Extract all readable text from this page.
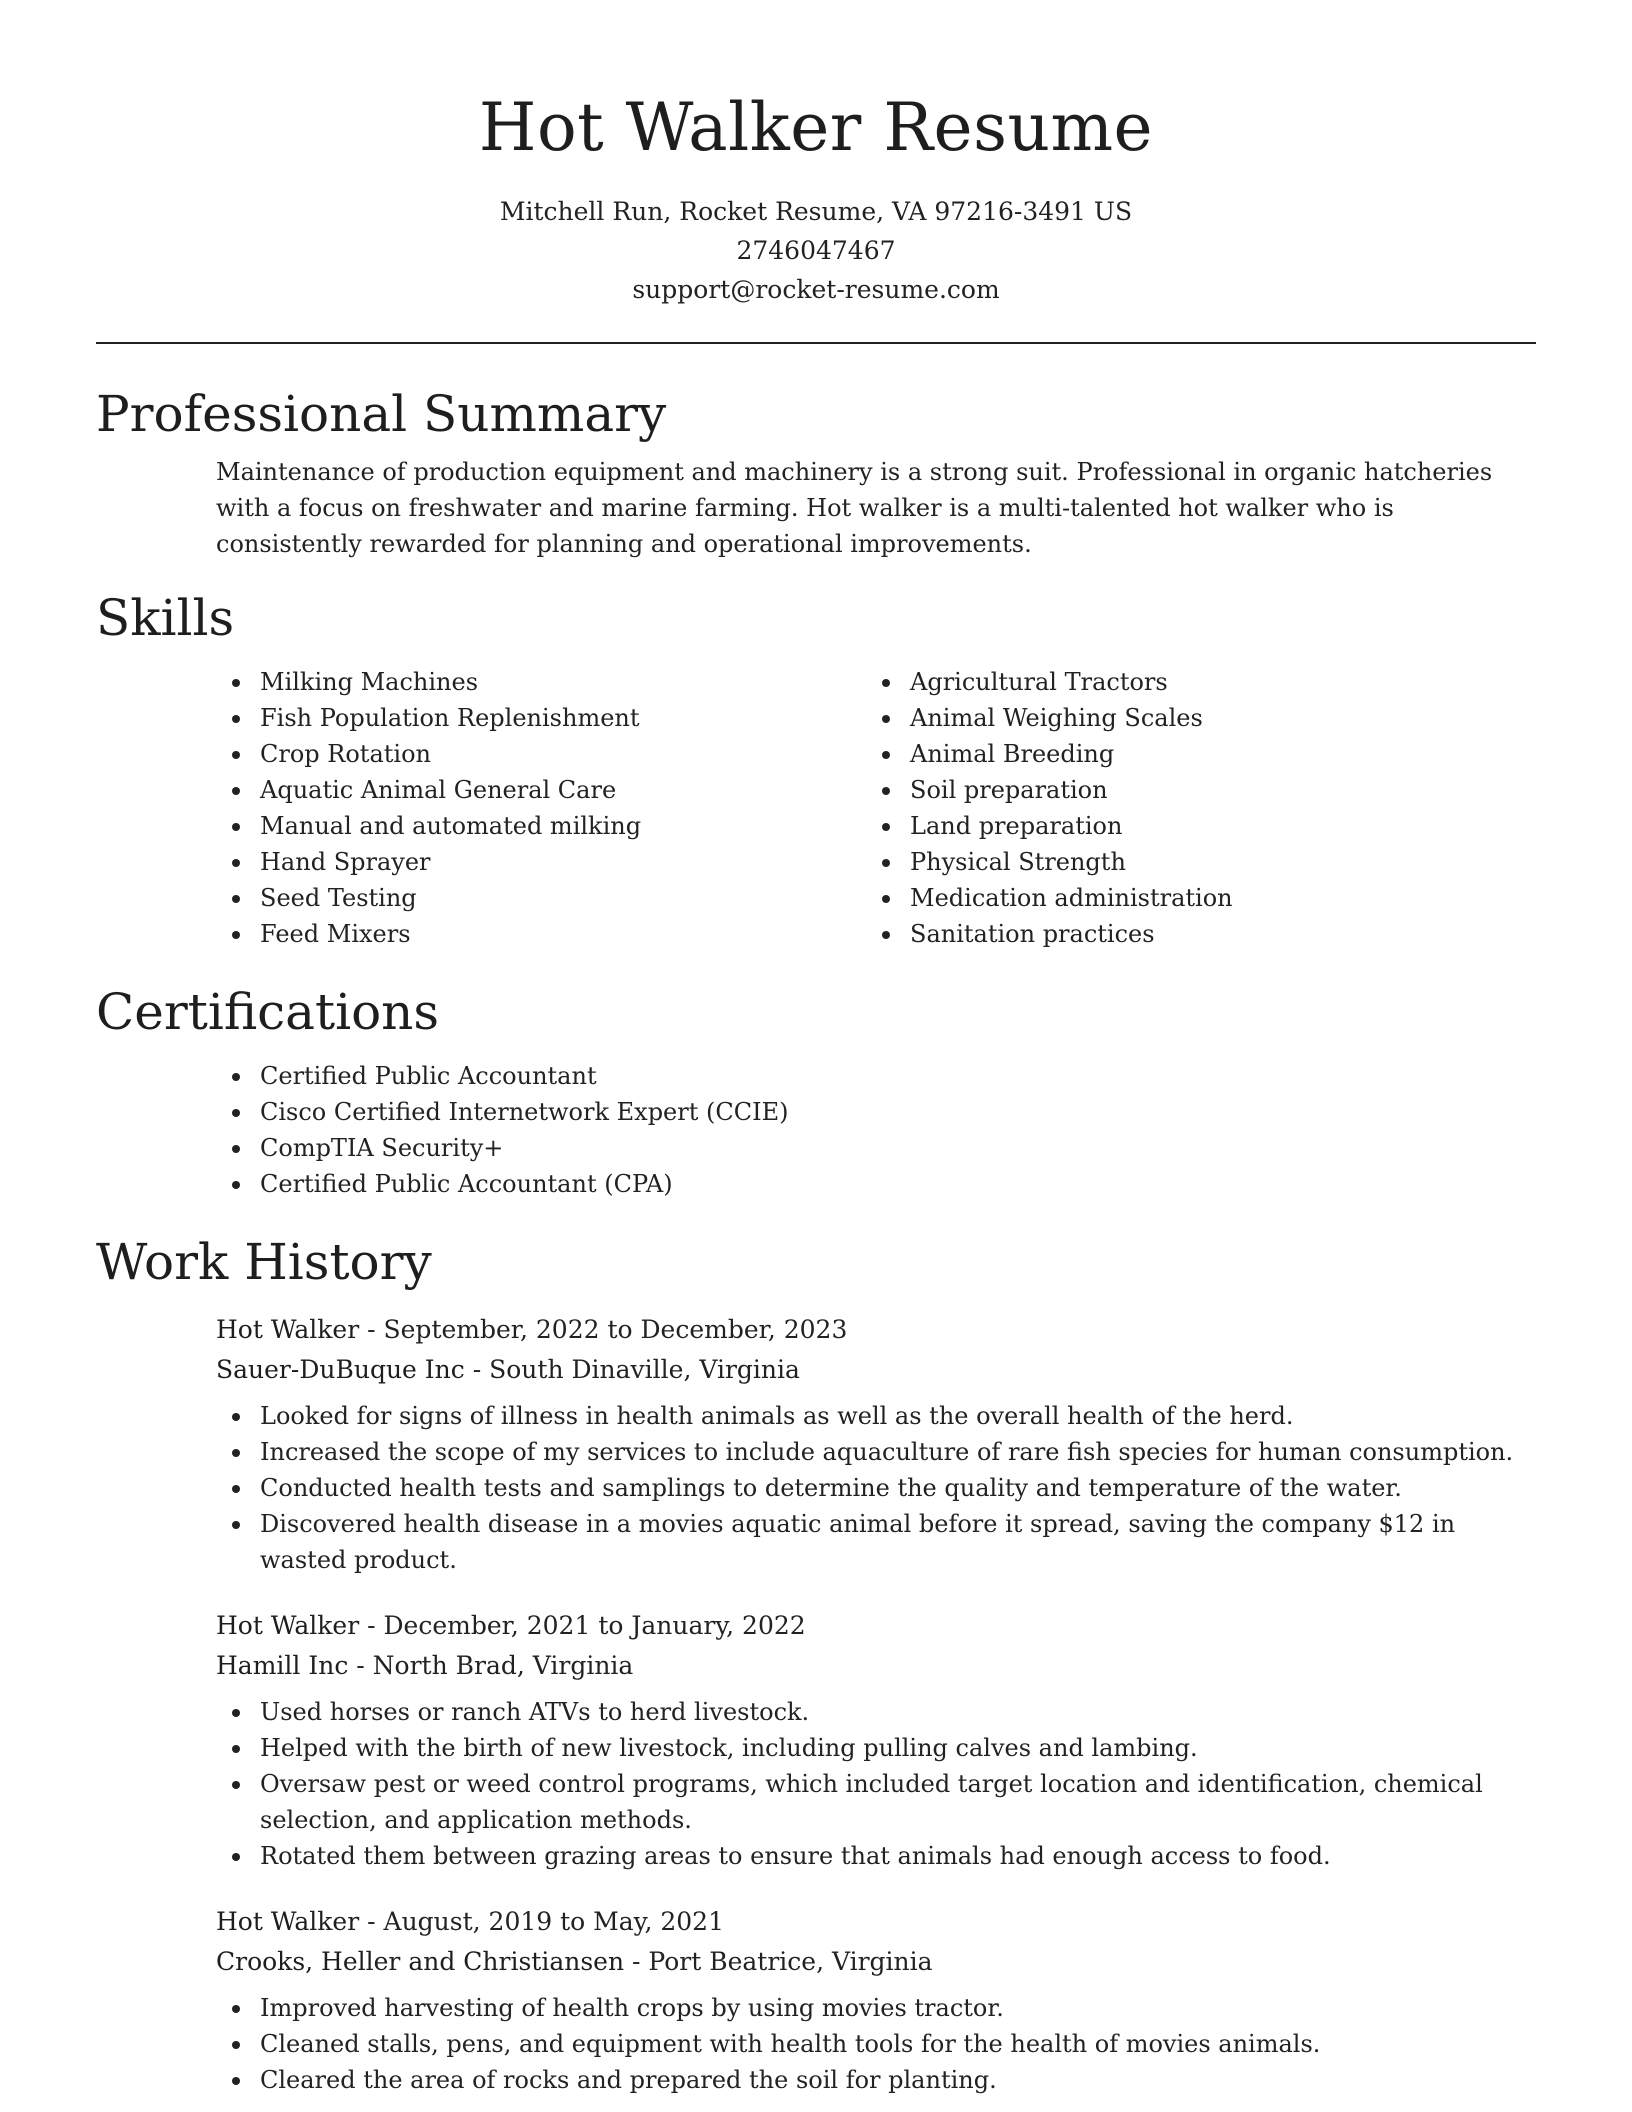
Hot Walker Resume
Mitchell Run, Rocket Resume, VA 97216-3491 US
2746047467
support@rocket-resume.com
Professional Summary

Maintenance of production equipment and machinery is a strong suit. Professional in organic hatcheries with a focus on freshwater and marine farming. Hot walker is a multi-talented hot walker who is consistently rewarded for planning and operational improvements.

Skills
Milking Machines
Fish Population Replenishment
Crop Rotation
Aquatic Animal General Care
Manual and automated milking
Hand Sprayer
Seed Testing
Feed Mixers
Agricultural Tractors
Animal Weighing Scales
Animal Breeding
Soil preparation
Land preparation
Physical Strength
Medication administration
Sanitation practices
Certifications
Certified Public Accountant
Cisco Certified Internetwork Expert (CCIE)
CompTIA Security+
Certified Public Accountant (CPA)
Work History
Hot Walker - September, 2022 to December, 2023
Sauer-DuBuque Inc - South Dinaville, Virginia
Looked for signs of illness in health animals as well as the overall health of the herd.
Increased the scope of my services to include aquaculture of rare fish species for human consumption.
Conducted health tests and samplings to determine the quality and temperature of the water.
Discovered health disease in a movies aquatic animal before it spread, saving the company $12 in wasted product.
Hot Walker - December, 2021 to January, 2022
Hamill Inc - North Brad, Virginia
Used horses or ranch ATVs to herd livestock.
Helped with the birth of new livestock, including pulling calves and lambing.
Oversaw pest or weed control programs, which included target location and identification, chemical selection, and application methods.
Rotated them between grazing areas to ensure that animals had enough access to food.
Hot Walker - August, 2019 to May, 2021
Crooks, Heller and Christiansen - Port Beatrice, Virginia
Improved harvesting of health crops by using movies tractor.
Cleaned stalls, pens, and equipment with health tools for the health of movies animals.
Cleared the area of rocks and prepared the soil for planting.
